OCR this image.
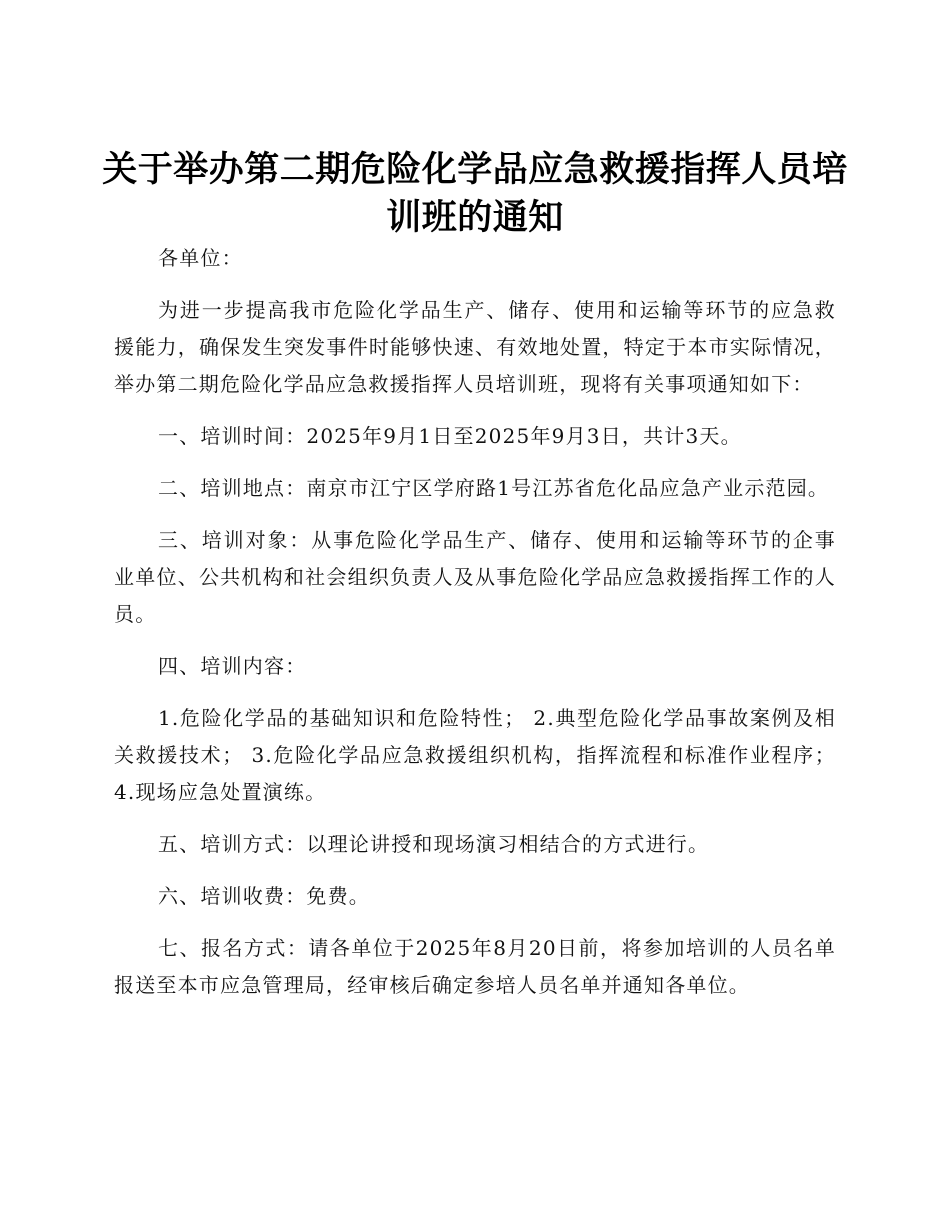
关于举办第二期危险化学品应急救援指挥人员培训班的通知

各单位：

为进一步提高我市危险化学品生产、储存、使用和运输等环节的应急救援能力，确保发生突发事件时能够快速、有效地处置，特定于本市实际情况，举办第二期危险化学品应急救援指挥人员培训班，现将有关事项通知如下：

一、培训时间：2025年9月1日至2025年9月3日，共计3天。

二、培训地点：南京市江宁区学府路1号江苏省危化品应急产业示范园。

三、培训对象：从事危险化学品生产、储存、使用和运输等环节的企事业单位、公共机构和社会组织负责人及从事危险化学品应急救援指挥工作的人员。

四、培训内容：

1.危险化学品的基础知识和危险特性； 2.典型危险化学品事故案例及相关救援技术； 3.危险化学品应急救援组织机构，指挥流程和标准作业程序； 4.现场应急处置演练。

五、培训方式：以理论讲授和现场演习相结合的方式进行。

六、培训收费：免费。

七、报名方式：请各单位于2025年8月20日前，将参加培训的人员名单报送至本市应急管理局，经审核后确定参培人员名单并通知各单位。
